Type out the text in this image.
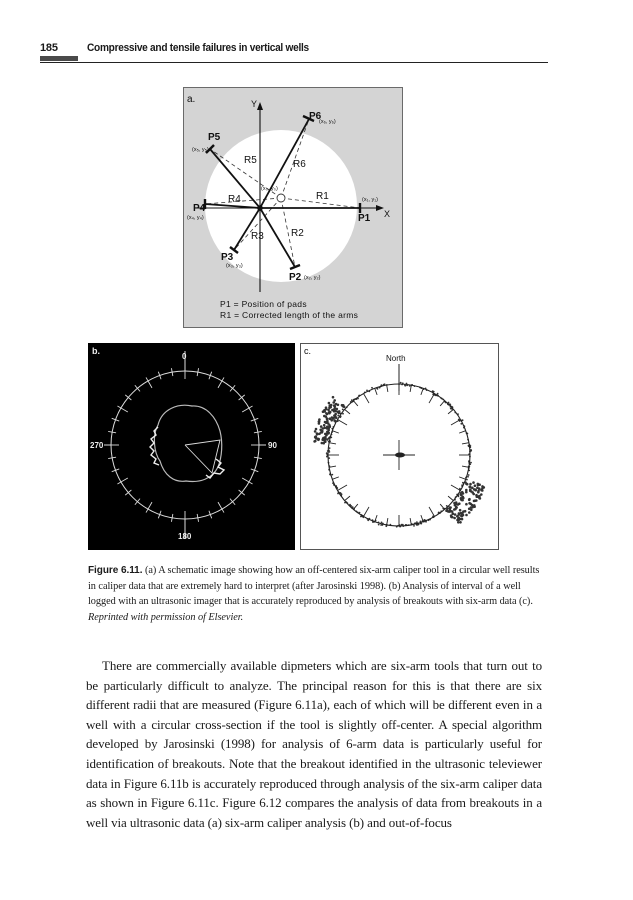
185	Compressive and tensile failures in vertical wells
a.	Y
X
P1
P2
P3
P4
P5
P6
R1
R2
R3
R4
R5	R6
(x₁, y₁)
(x₂, y₂)
(x₃, y₃)
(x₄, y₄)
(x₅, y₅)
(x₆, y₆)
(x₀, y₀)
P1 = Position of pads
R1 = Corrected length of the arms
b.
0
90
180
270
c.
North
Figure 6.11. (a) A schematic image showing how an off-centered six-arm caliper tool in a circular well results in caliper data that are extremely hard to interpret (after Jarosinski 1998). (b) Analysis of interval of a well logged with an ultrasonic imager that is accurately reproduced by analysis of breakouts with six-arm data (c). Reprinted with permission of Elsevier.

There are commercially available dipmeters which are six-arm tools that turn out to be particularly difficult to analyze. The principal reason for this is that there are six different radii that are measured (Figure 6.11a), each of which will be different even in a well with a circular cross-section if the tool is slightly off-center. A special algorithm developed by Jarosinski (1998) for analysis of 6-arm data is particularly useful for identification of breakouts. Note that the breakout identified in the ultrasonic televiewer data in Figure 6.11b is accurately reproduced through analysis of the six-arm caliper data as shown in Figure 6.11c. Figure 6.12 compares the analysis of data from breakouts in a well via ultrasonic data (a) six-arm caliper analysis (b) and out-of-focus
